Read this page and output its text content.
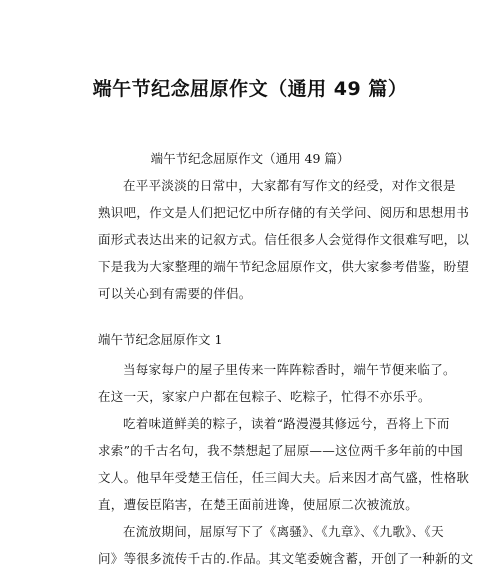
端午节纪念屈原作文（通用 49 篇）
端午节纪念屈原作文（通用 49 篇）
在平平淡淡的日常中，大家都有写作文的经受，对作文很是
熟识吧，作文是人们把记忆中所存储的有关学问、阅历和思想用书
面形式表达出来的记叙方式。信任很多人会觉得作文很难写吧，以
下是我为大家整理的端午节纪念屈原作文，供大家参考借鉴，盼望
可以关心到有需要的伴侣。
端午节纪念屈原作文 1
当每家每户的屋子里传来一阵阵粽香时，端午节便来临了。
在这一天，家家户户都在包粽子、吃粽子，忙得不亦乐乎。
吃着味道鲜美的粽子，读着“路漫漫其修远兮，吾将上下而
求索”的千古名句，我不禁想起了屈原——这位两千多年前的中国
文人。他早年受楚王信任，任三闾大夫。后来因才高气盛，性格耿
直，遭佞臣陷害，在楚王面前进谗，使屈原二次被流放。
在流放期间，屈原写下了《离骚》、《九章》、《九歌》、《天
问》等很多流传千古的.作品。其文笔委婉含蓄，开创了一种新的文
